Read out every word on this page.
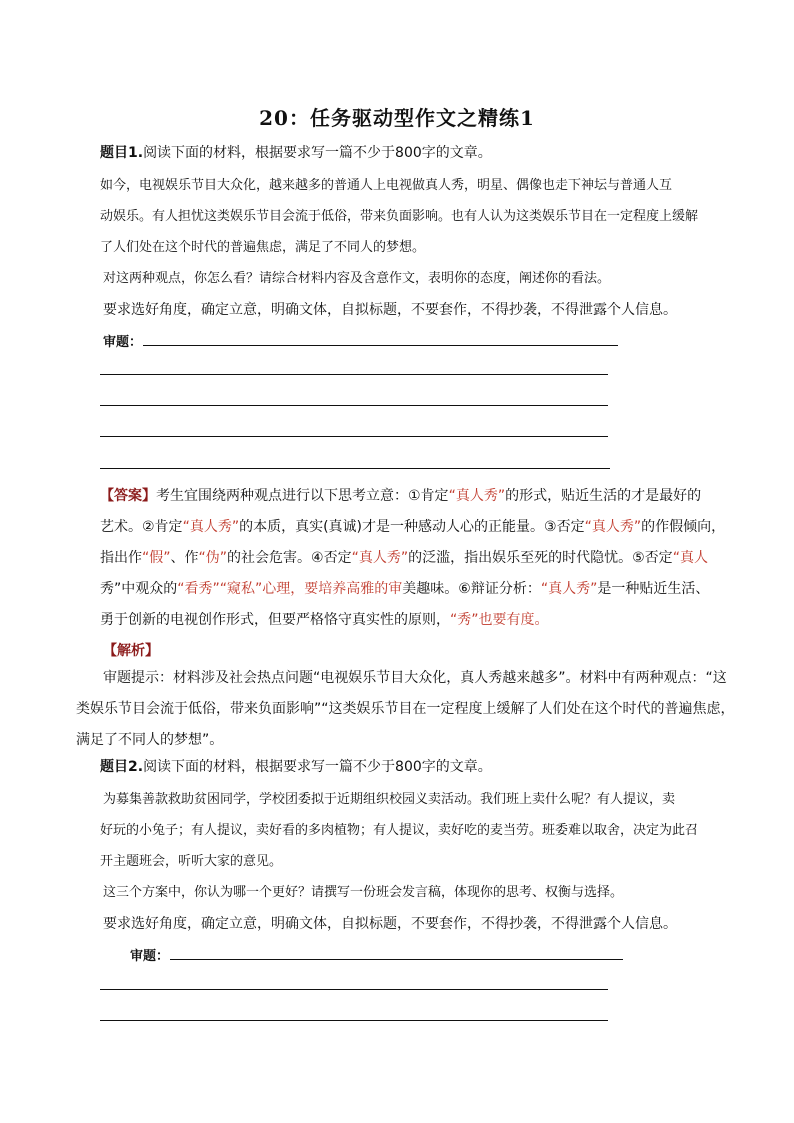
20：任务驱动型作文之精练1
题目1.阅读下面的材料，根据要求写一篇不少于800字的文章。
如今，电视娱乐节目大众化，越来越多的普通人上电视做真人秀，明星、偶像也走下神坛与普通人互
动娱乐。有人担忧这类娱乐节目会流于低俗，带来负面影响。也有人认为这类娱乐节目在一定程度上缓解
了人们处在这个时代的普遍焦虑，满足了不同人的梦想。
对这两种观点，你怎么看？请综合材料内容及含意作文，表明你的态度，阐述你的看法。
要求选好角度，确定立意，明确文体，自拟标题，不要套作，不得抄袭，不得泄露个人信息。
审题：
【答案】考生宜围绕两种观点进行以下思考立意：①肯定“真人秀”的形式，贴近生活的才是最好的
艺术。②肯定“真人秀”的本质，真实(真诚)才是一种感动人心的正能量。③否定“真人秀”的作假倾向，
指出作“假”、作“伪”的社会危害。④否定“真人秀”的泛滥，指出娱乐至死的时代隐忧。⑤否定“真人
秀”中观众的“看秀”“窥私”心理，要培养高雅的审美趣味。⑥辩证分析：“真人秀”是一种贴近生活、
勇于创新的电视创作形式，但要严格恪守真实性的原则，“秀”也要有度。
【解析】
审题提示：材料涉及社会热点问题“电视娱乐节目大众化，真人秀越来越多”。材料中有两种观点：“这
类娱乐节目会流于低俗，带来负面影响”“这类娱乐节目在一定程度上缓解了人们处在这个时代的普遍焦虑，
满足了不同人的梦想”。
题目2.阅读下面的材料，根据要求写一篇不少于800字的文章。
为募集善款救助贫困同学，学校团委拟于近期组织校园义卖活动。我们班上卖什么呢？有人提议，卖
好玩的小兔子；有人提议，卖好看的多肉植物；有人提议，卖好吃的麦当劳。班委难以取舍，决定为此召
开主题班会，听听大家的意见。
这三个方案中，你认为哪一个更好？请撰写一份班会发言稿，体现你的思考、权衡与选择。
要求选好角度，确定立意，明确文体，自拟标题，不要套作，不得抄袭，不得泄露个人信息。
审题：
